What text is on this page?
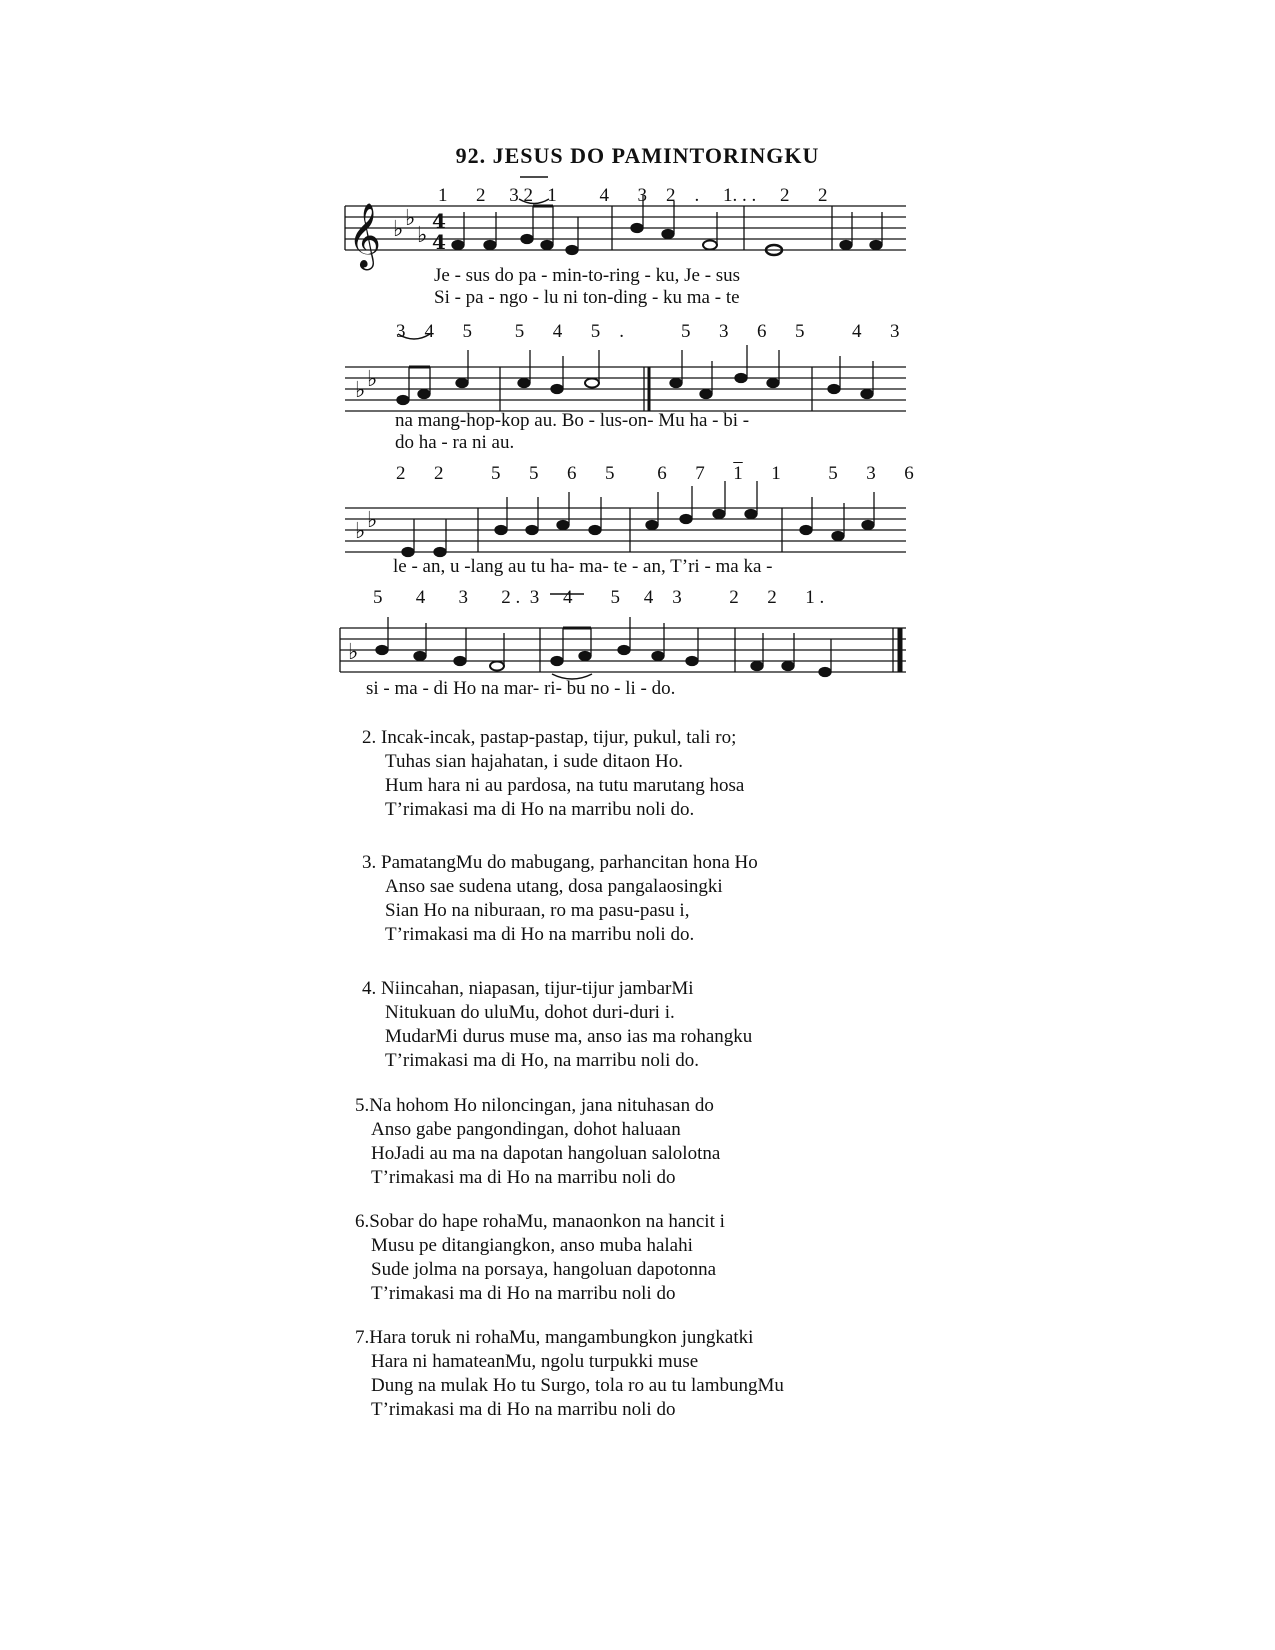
92. JESUS DO PAMINTORINGKU
𝄞 ♭ ♭
♭
4
4
♭ ♭
♭ ♭
♭
1 2 3 2 1 4 3 2 . 1. . . 2 2
Je - sus do pa - min-to-ring - ku, Je - sus
Si - pa - ngo - lu ni ton-ding - ku ma - te
3 4 5 5 4 5 .	5 3 6 5	4 3
na mang-hop-kop au. Bo - lus-on- Mu ha - bi -
do ha - ra ni au.
2 2	5 5 6 5 6 7 1 1	5 3 6
le - an, u -lang au tu ha- ma- te - an, T’ri - ma ka -
5 4 3 2 . 3 4 5 4 3	2 2 1 .
si - ma - di Ho na mar- ri- bu no - li - do.
2. Incak-incak, pastap-pastap, tijur, pukul, tali ro;
Tuhas sian hajahatan, i sude ditaon Ho.
Hum hara ni au pardosa, na tutu marutang hosa
T’rimakasi ma di Ho na marribu noli do.
3. PamatangMu do mabugang, parhancitan hona Ho
Anso sae sudena utang, dosa pangalaosingki
Sian Ho na niburaan, ro ma pasu-pasu i,
T’rimakasi ma di Ho na marribu noli do.
4. Niincahan, niapasan, tijur-tijur jambarMi
Nitukuan do uluMu, dohot duri-duri i.
MudarMi durus muse ma, anso ias ma rohangku
T’rimakasi ma di Ho, na marribu noli do.
5.Na hohom Ho niloncingan, jana nituhasan do
Anso gabe pangondingan, dohot haluaan
HoJadi au ma na dapotan hangoluan salolotna
T’rimakasi ma di Ho na marribu noli do
6.Sobar do hape rohaMu, manaonkon na hancit i
Musu pe ditangiangkon, anso muba halahi
Sude jolma na porsaya, hangoluan dapotonna
T’rimakasi ma di Ho na marribu noli do
7.Hara toruk ni rohaMu, mangambungkon jungkatki
Hara ni hamateanMu, ngolu turpukki muse
Dung na mulak Ho tu Surgo, tola ro au tu lambungMu
T’rimakasi ma di Ho na marribu noli do
